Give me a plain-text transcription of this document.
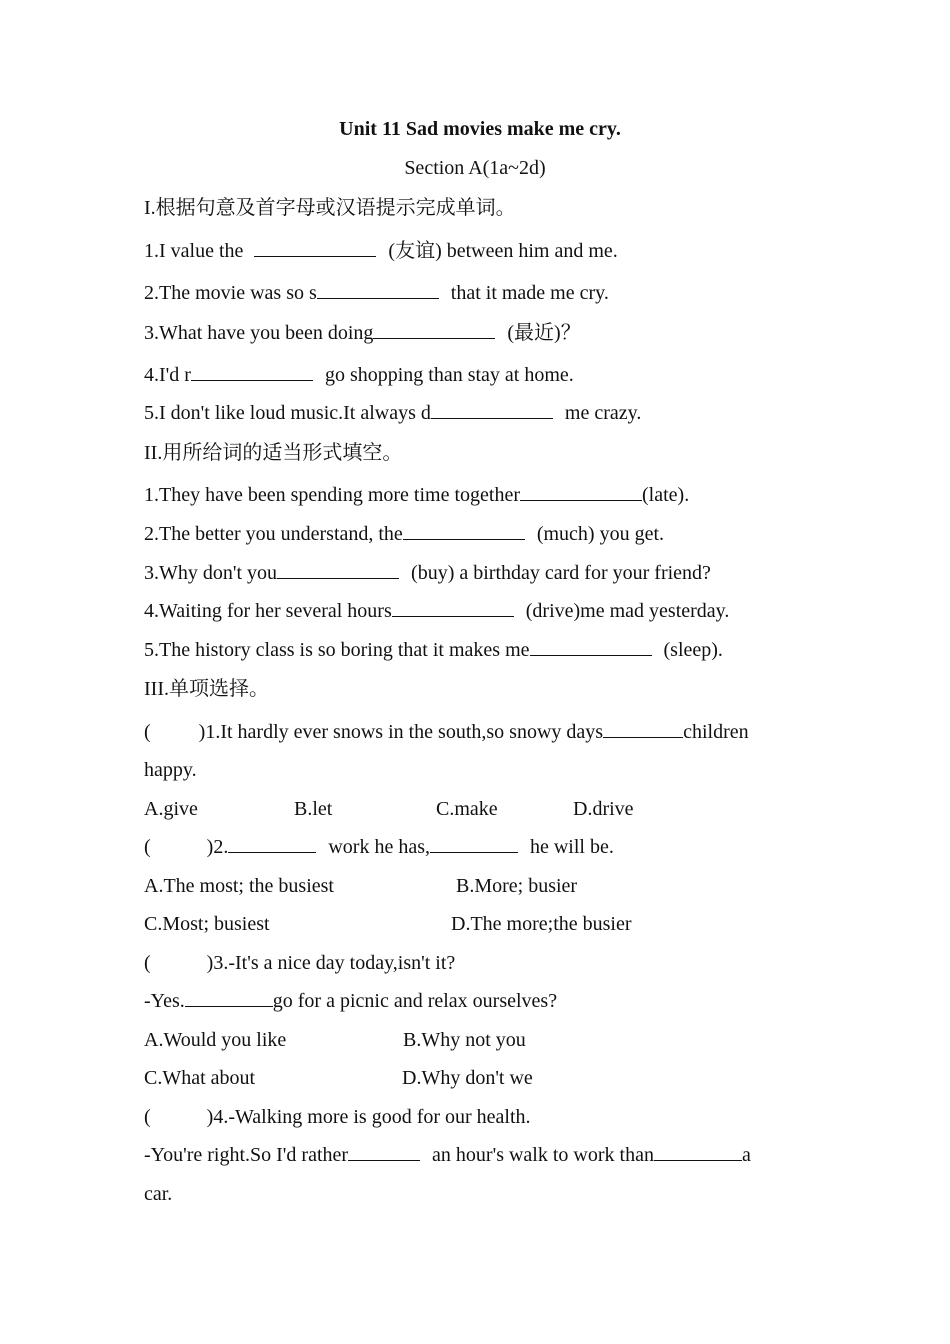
Unit 11 Sad movies make me cry.
Section A(1a~2d)
I.根据句意及首字母或汉语提示完成单词。
1.I value the	(友谊) between him and me.
2.The movie was so s	that it made me cry.
3.What have you been doing	(最近)？
4.I'd r	go shopping than stay at home.
5.I don't like loud music.It always d	me crazy.
II.用所给词的适当形式填空。
1.They have been spending more time together	(late).
2.The better you understand, the	(much) you get.
3.Why don't you	(buy) a birthday card for your friend?
4.Waiting for her several hours	(drive)me mad yesterday.
5.The history class is so boring that it makes me	(sleep).
III.单项选择。
( )1.It hardly ever snows in the south,so snowy days	children
happy.
A.give	B.let	C.make	D.drive
(	)2.	work he has,	he will be.
A.The most; the busiest	B.More; busier
C.Most; busiest	D.The more;the busier
(	)3.-It's a nice day today,isn't it?
-Yes.	go for a picnic and relax ourselves?
A.Would you like	B.Why not you
C.What about	D.Why don't we
(	)4.-Walking more is good for our health.
-You're right.So I'd rather	an hour's walk to work than	a
car.
